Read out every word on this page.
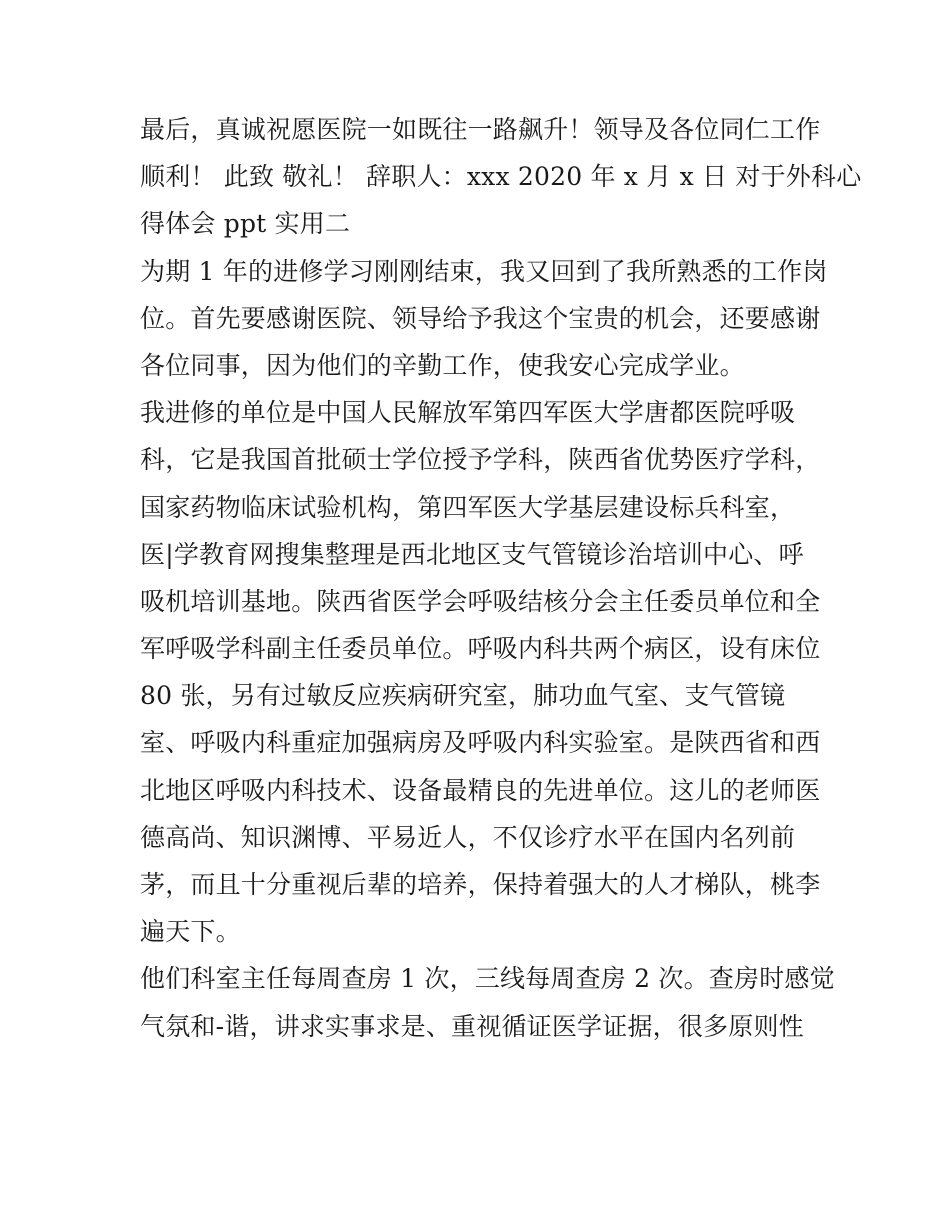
最后，真诚祝愿医院一如既往一路飙升！领导及各位同仁工作
顺利！ 此致 敬礼！ 辞职人：xxx 2020 年 x 月 x 日 对于外科心
得体会 ppt 实用二
为期 1 年的进修学习刚刚结束，我又回到了我所熟悉的工作岗
位。首先要感谢医院、领导给予我这个宝贵的机会，还要感谢
各位同事，因为他们的辛勤工作，使我安心完成学业。
我进修的单位是中国人民解放军第四军医大学唐都医院呼吸
科，它是我国首批硕士学位授予学科，陕西省优势医疗学科，
国家药物临床试验机构，第四军医大学基层建设标兵科室，
医|学教育网搜集整理是西北地区支气管镜诊治培训中心、呼
吸机培训基地。陕西省医学会呼吸结核分会主任委员单位和全
军呼吸学科副主任委员单位。呼吸内科共两个病区，设有床位
80 张，另有过敏反应疾病研究室，肺功血气室、支气管镜
室、呼吸内科重症加强病房及呼吸内科实验室。是陕西省和西
北地区呼吸内科技术、设备最精良的先进单位。这儿的老师医
德高尚、知识渊博、平易近人，不仅诊疗水平在国内名列前
茅，而且十分重视后辈的培养，保持着强大的人才梯队，桃李
遍天下。
他们科室主任每周查房 1 次，三线每周查房 2 次。查房时感觉
气氛和-谐，讲求实事求是、重视循证医学证据，很多原则性
